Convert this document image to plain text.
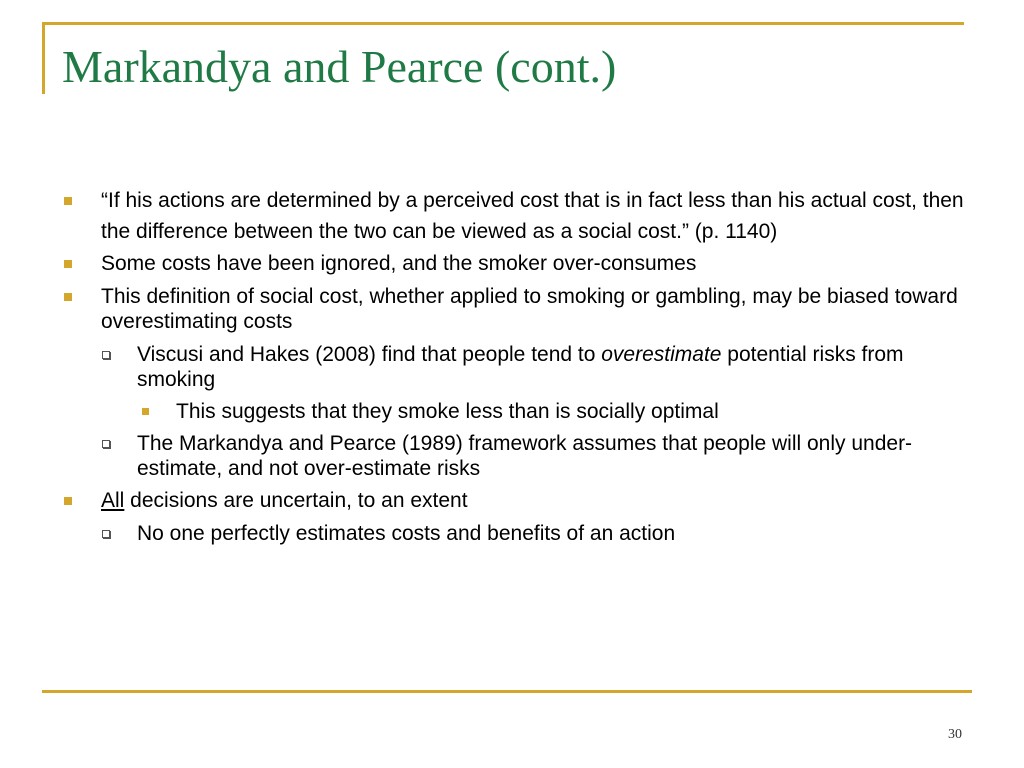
Markandya and Pearce (cont.)
“If his actions are determined by a perceived cost that is in fact less than his actual cost, then the difference between the two can be viewed as a social cost.” (p. 1140)
Some costs have been ignored, and the smoker over-consumes
This definition of social cost, whether applied to smoking or gambling, may be biased toward overestimating costs
Viscusi and Hakes (2008) find that people tend to overestimate potential risks from smoking
This suggests that they smoke less than is socially optimal
The Markandya and Pearce (1989) framework assumes that people will only under-estimate, and not over-estimate risks
All decisions are uncertain, to an extent
No one perfectly estimates costs and benefits of an action
30
